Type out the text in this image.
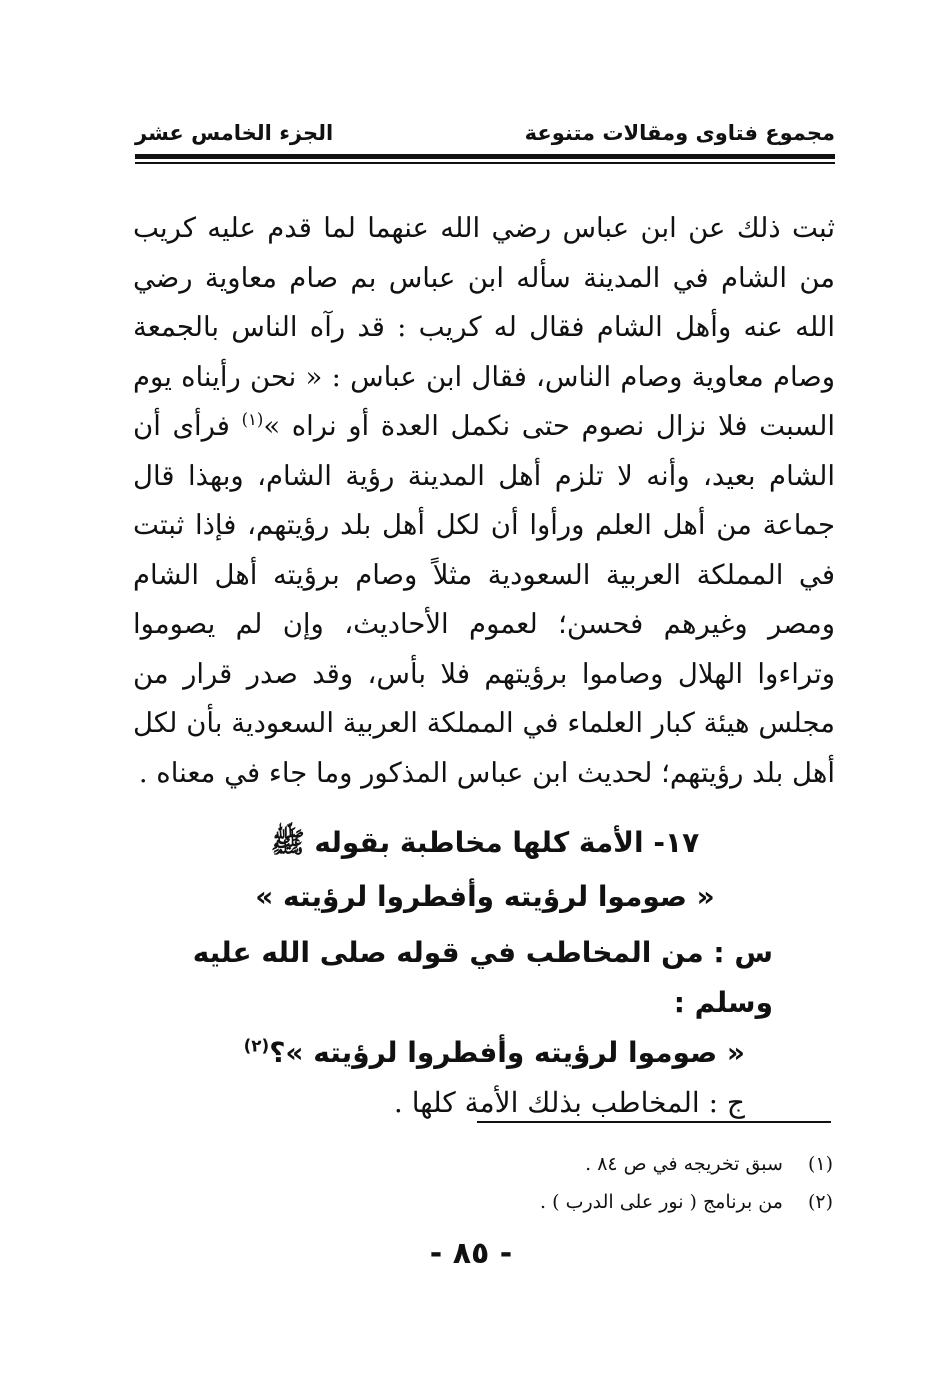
مجموع فتاوى ومقالات متنوعة
الجزء الخامس عشر

ثبت ذلك عن ابن عباس رضي الله عنهما لما قدم عليه كريب من الشام في المدينة سأله ابن عباس بم صام معاوية رضي الله عنه وأهل الشام فقال له كريب : قد رآه الناس بالجمعة وصام معاوية وصام الناس، فقال ابن عباس : « نحن رأيناه يوم السبت فلا نزال نصوم حتى نكمل العدة أو نراه »$^{(١)}$ فرأى أن الشام بعيد، وأنه لا تلزم أهل المدينة رؤية الشام، وبهذا قال جماعة من أهل العلم ورأوا أن لكل أهل بلد رؤيتهم، فإذا ثبتت في المملكة العربية السعودية مثلاً وصام برؤيته أهل الشام ومصر وغيرهم فحسن؛ لعموم الأحاديث، وإن لم يصوموا وتراءوا الهلال وصاموا برؤيتهم فلا بأس، وقد صدر قرار من مجلس هيئة كبار العلماء في المملكة العربية السعودية بأن لكل أهل بلد رؤيتهم؛ لحديث ابن عباس المذكور وما جاء في معناه .

١٧- الأمة كلها مخاطبة بقوله ﷺ
« صوموا لرؤيته وأفطروا لرؤيته »
س : من المخاطب في قوله صلى الله عليه وسلم :
« صوموا لرؤيته وأفطروا لرؤيته »؟$^{(٢)}$
ج : المخاطب بذلك الأمة كلها .
(١) سبق تخريجه في ص ٨٤ .
(٢) من برنامج ( نور على الدرب ) .
- ٨٥ -
